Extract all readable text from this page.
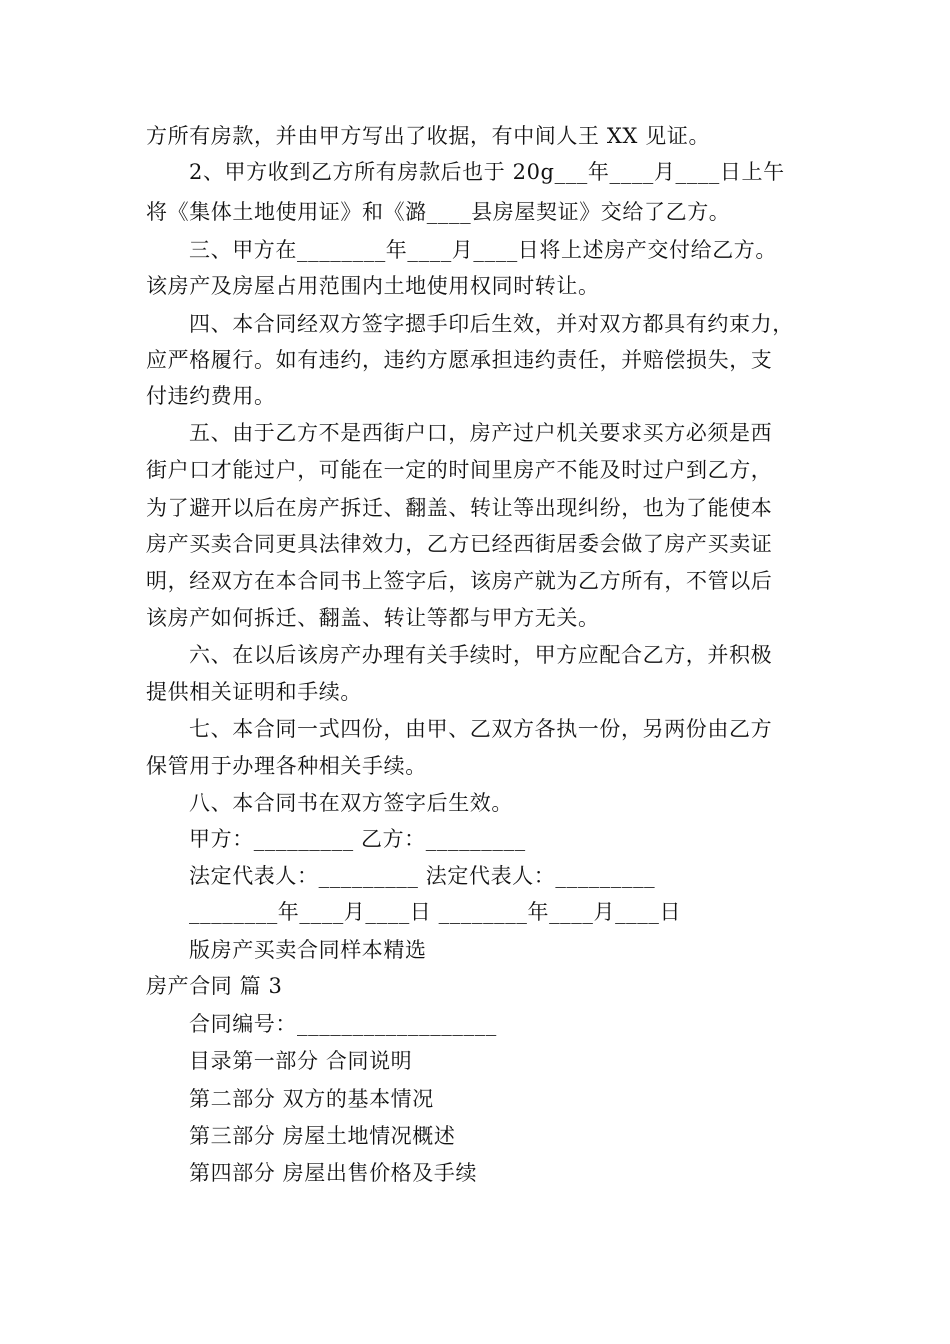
方所有房款，并由甲方写出了收据，有中间人王 XX 见证。
2、甲方收到乙方所有房款后也于 20g___年____月____日上午
将《集体土地使用证》和《潞____县房屋契证》交给了乙方。
三、甲方在________年____月____日将上述房产交付给乙方。
该房产及房屋占用范围内土地使用权同时转让。
四、本合同经双方签字摁手印后生效，并对双方都具有约束力，
应严格履行。如有违约，违约方愿承担违约责任，并赔偿损失，支
付违约费用。
五、由于乙方不是西街户口，房产过户机关要求买方必须是西
街户口才能过户，可能在一定的时间里房产不能及时过户到乙方，
为了避开以后在房产拆迁、翻盖、转让等出现纠纷，也为了能使本
房产买卖合同更具法律效力，乙方已经西街居委会做了房产买卖证
明，经双方在本合同书上签字后，该房产就为乙方所有，不管以后
该房产如何拆迁、翻盖、转让等都与甲方无关。
六、在以后该房产办理有关手续时，甲方应配合乙方，并积极
提供相关证明和手续。
七、本合同一式四份，由甲、乙双方各执一份，另两份由乙方
保管用于办理各种相关手续。
八、本合同书在双方签字后生效。
甲方：_________ 乙方：_________
法定代表人：_________ 法定代表人：_________
________年____月____日 ________年____月____日
版房产买卖合同样本精选
房产合同 篇 3
合同编号：__________________
目录第一部分 合同说明
第二部分 双方的基本情况
第三部分 房屋土地情况概述
第四部分 房屋出售价格及手续
